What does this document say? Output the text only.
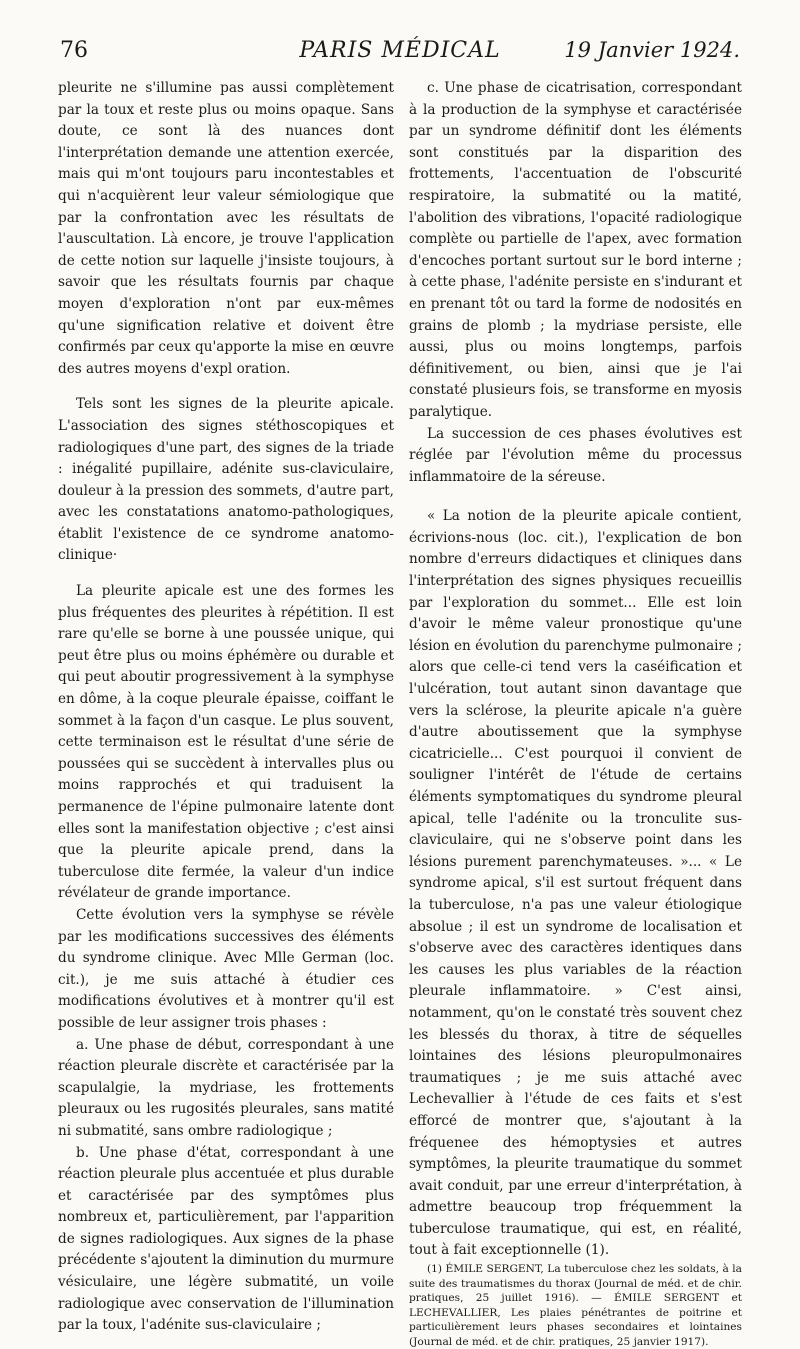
76	PARIS MÉDICAL	19 Janvier 1924.

pleurite ne s'illumine pas aussi complètement par la toux et reste plus ou moins opaque. Sans doute, ce sont là des nuances dont l'interprétation demande une attention exercée, mais qui m'ont toujours paru incontestables et qui n'acquièrent leur valeur sémiologique que par la confrontation avec les résultats de l'auscultation. Là encore, je trouve l'application de cette notion sur laquelle j'insiste toujours, à savoir que les résultats fournis par chaque moyen d'exploration n'ont par eux-mêmes qu'une signification relative et doivent être confirmés par ceux qu'apporte la mise en œuvre des autres moyens d'expl oration.

Tels sont les signes de la pleurite apicale. L'association des signes stéthoscopiques et radiologiques d'une part, des signes de la triade : inégalité pupillaire, adénite sus-claviculaire, douleur à la pression des sommets, d'autre part, avec les constatations anatomo-pathologiques, établit l'existence de ce syndrome anatomo-clinique·

La pleurite apicale est une des formes les plus fréquentes des pleurites à répétition. Il est rare qu'elle se borne à une poussée unique, qui peut être plus ou moins éphémère ou durable et qui peut aboutir progressivement à la symphyse en dôme, à la coque pleurale épaisse, coiffant le sommet à la façon d'un casque. Le plus souvent, cette terminaison est le résultat d'une série de poussées qui se succèdent à intervalles plus ou moins rapprochés et qui traduisent la permanence de l'épine pulmonaire latente dont elles sont la manifestation objective ; c'est ainsi que la pleurite apicale prend, dans la tuberculose dite fermée, la valeur d'un indice révélateur de grande importance.

Cette évolution vers la symphyse se révèle par les modifications successives des éléments du syndrome clinique. Avec Mlle German (loc. cit.), je me suis attaché à étudier ces modifications évolutives et à montrer qu'il est possible de leur assigner trois phases :

a. Une phase de début, correspondant à une réaction pleurale discrète et caractérisée par la scapulalgie, la mydriase, les frottements pleuraux ou les rugosités pleurales, sans matité ni submatité, sans ombre radiologique ;

b. Une phase d'état, correspondant à une réaction pleurale plus accentuée et plus durable et caractérisée par des symptômes plus nombreux et, particulièrement, par l'apparition de signes radiologiques. Aux signes de la phase précédente s'ajoutent la diminution du murmure vésiculaire, une légère submatité, un voile radiologique avec conservation de l'illumination par la toux, l'adénite sus-claviculaire ;

c. Une phase de cicatrisation, correspondant à la production de la symphyse et caractérisée par un syndrome définitif dont les éléments sont constitués par la disparition des frottements, l'accentuation de l'obscurité respiratoire, la submatité ou la matité, l'abolition des vibrations, l'opacité radiologique complète ou partielle de l'apex, avec formation d'encoches portant surtout sur le bord interne ; à cette phase, l'adénite persiste en s'indurant et en prenant tôt ou tard la forme de nodosités en grains de plomb ; la mydriase persiste, elle aussi, plus ou moins longtemps, parfois définitivement, ou bien, ainsi que je l'ai constaté plusieurs fois, se transforme en myosis paralytique.

La succession de ces phases évolutives est réglée par l'évolution même du processus inflammatoire de la séreuse.

« La notion de la pleurite apicale contient, écrivions-nous (loc. cit.), l'explication de bon nombre d'erreurs didactiques et cliniques dans l'interprétation des signes physiques recueillis par l'exploration du sommet... Elle est loin d'avoir le même valeur pronostique qu'une lésion en évolution du parenchyme pulmonaire ; alors que celle-ci tend vers la caséification et l'ulcération, tout autant sinon davantage que vers la sclérose, la pleurite apicale n'a guère d'autre aboutissement que la symphyse cicatricielle... C'est pourquoi il convient de souligner l'intérêt de l'étude de certains éléments symptomatiques du syndrome pleural apical, telle l'adénite ou la tronculite sus-claviculaire, qui ne s'observe point dans les lésions purement parenchymateuses. »... « Le syndrome apical, s'il est surtout fréquent dans la tuberculose, n'a pas une valeur étiologique absolue ; il est un syndrome de localisation et s'observe avec des caractères identiques dans les causes les plus variables de la réaction pleurale inflammatoire. » C'est ainsi, notamment, qu'on le constaté très souvent chez les blessés du thorax, à titre de séquelles lointaines des lésions pleuropulmonaires traumatiques ; je me suis attaché avec Lechevallier à l'étude de ces faits et s'est efforcé de montrer que, s'ajoutant à la fréquenee des hémoptysies et autres symptômes, la pleurite traumatique du sommet avait conduit, par une erreur d'interprétation, à admettre beaucoup trop fréquemment la tuberculose traumatique, qui est, en réalité, tout à fait exceptionnelle (1).

(1) ÉMILE SERGENT, La tuberculose chez les soldats, à la suite des traumatismes du thorax (Journal de méd. et de chir. pratiques, 25 juillet 1916). — ÉMILE SERGENT et LECHEVALLIER, Les plaies pénétrantes de poitrine et particulièrement leurs phases secondaires et lointaines (Journal de méd. et de chir. pratiques, 25 janvier 1917).
